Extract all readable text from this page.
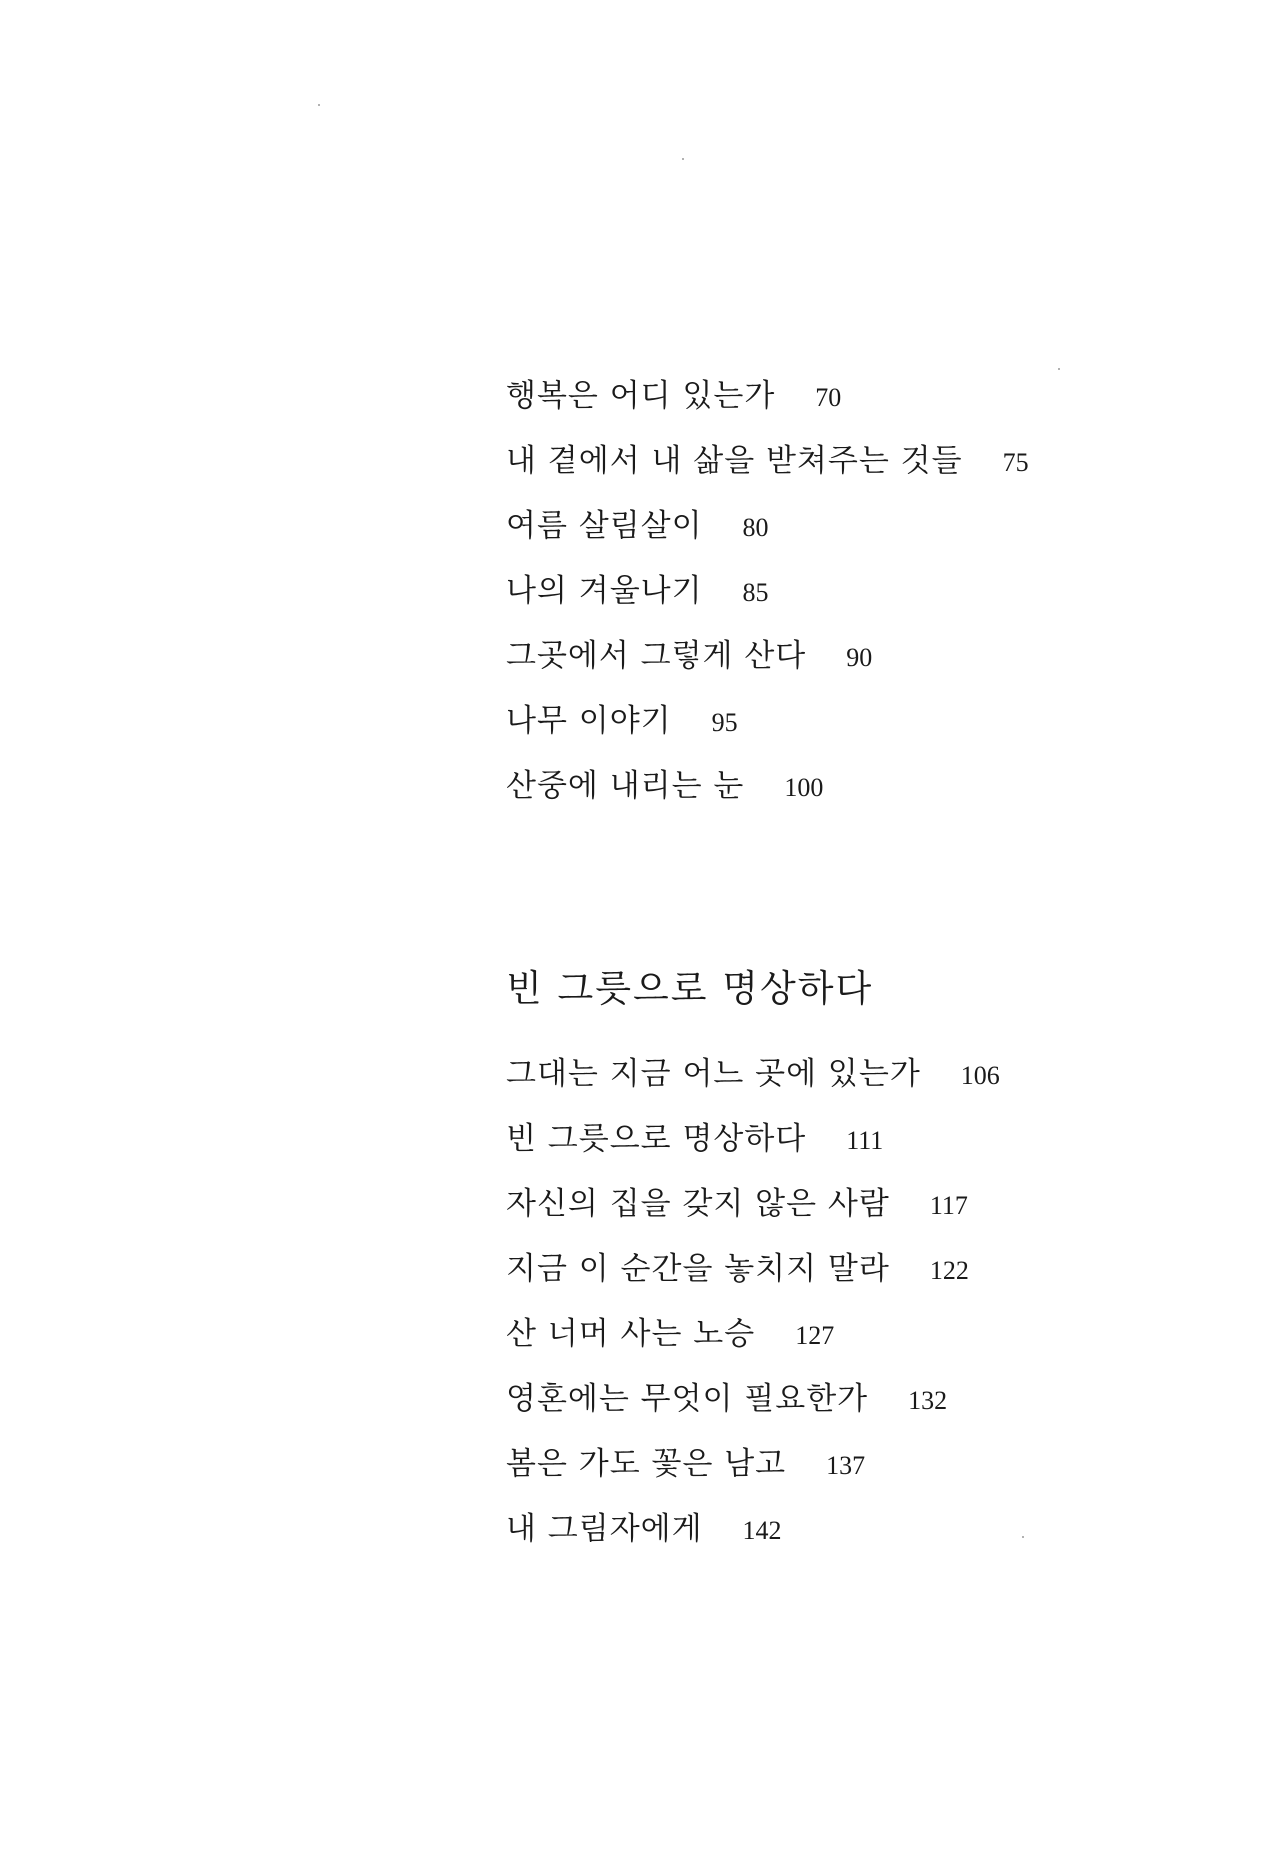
행복은 어디 있는가 70
내 곁에서 내 삶을 받쳐주는 것들 75
여름 살림살이 80
나의 겨울나기 85
그곳에서 그렇게 산다 90
나무 이야기 95
산중에 내리는 눈 100
빈 그릇으로 명상하다
그대는 지금 어느 곳에 있는가 106
빈 그릇으로 명상하다 111
자신의 집을 갖지 않은 사람 117
지금 이 순간을 놓치지 말라 122
산 너머 사는 노승 127
영혼에는 무엇이 필요한가 132
봄은 가도 꽃은 남고 137
내 그림자에게 142
